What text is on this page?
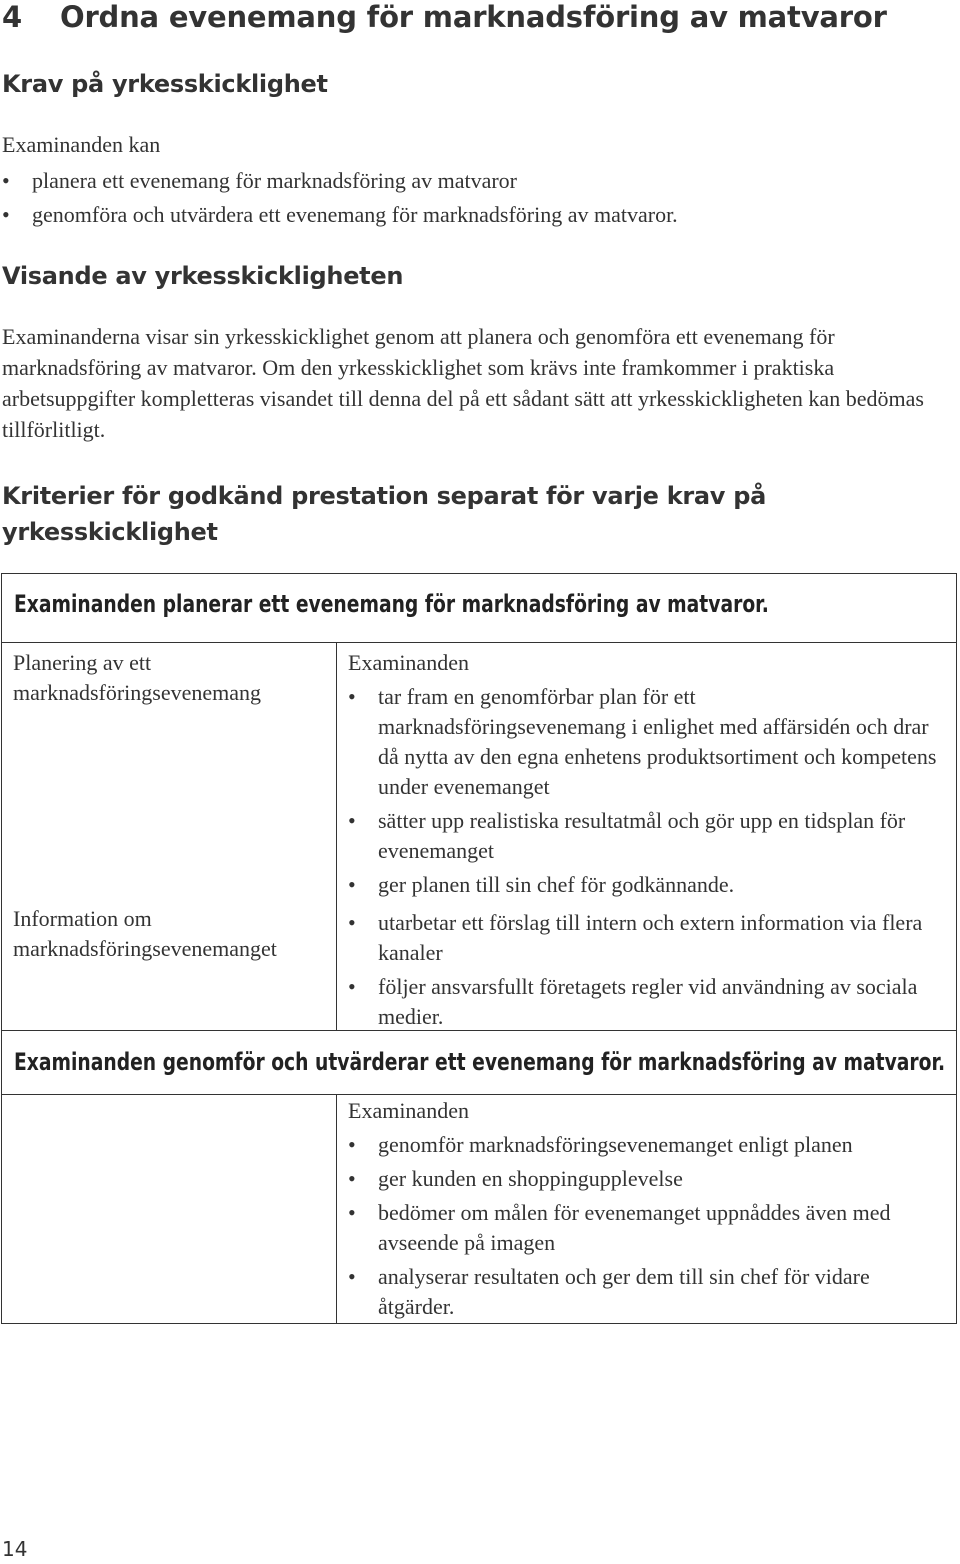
4 Ordna evenemang för marknadsföring av matvaror
Krav på yrkesskicklighet
Examinanden kan
• planera ett evenemang för marknadsföring av matvaror
• genomföra och utvärdera ett evenemang för marknadsföring av matvaror.
Visande av yrkesskickligheten

Examinanderna visar sin yrkesskicklighet genom att planera och genomföra ett evenemang för marknadsföring av matvaror. Om den yrkesskicklighet som krävs inte framkommer i praktiska arbetsuppgifter kompletteras visandet till denna del på ett sådant sätt att yrkesskickligheten kan bedömas tillförlitligt.

Kriterier för godkänd prestation separat för varje krav på
yrkesskicklighet
Examinanden planerar ett evenemang för marknadsföring av matvaror.

Planering av ett
marknadsföringsevenemang

Examinanden

• tar fram en genomförbar plan för ett marknadsföringsevenemang i enlighet med affärsidén och drar då nytta av den egna enhetens produktsortiment och kompetens under evenemanget
• sätter upp realistiska resultatmål och gör upp en tidsplan för evenemanget
• ger planen till sin chef för godkännande.

Information om
marknadsföringsevenemanget

• utarbetar ett förslag till intern och extern information via flera kanaler
• följer ansvarsfullt företagets regler vid användning av sociala medier.
Examinanden genomför och utvärderar ett evenemang för marknadsföring av matvaror.

Examinanden

• genomför marknadsföringsevenemanget enligt planen
• ger kunden en shoppingupplevelse
• bedömer om målen för evenemanget uppnåddes även med avseende på imagen
• analyserar resultaten och ger dem till sin chef för vidare åtgärder.
14
